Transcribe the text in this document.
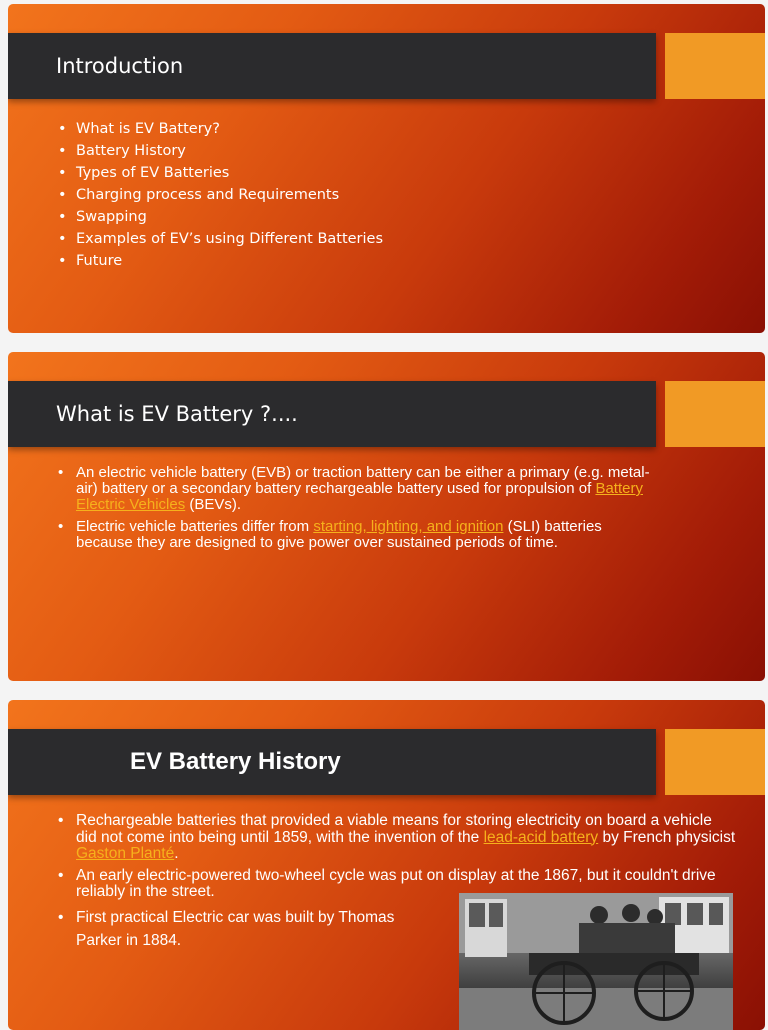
Introduction
• What is EV Battery?
• Battery History
• Types of EV Batteries
• Charging process and Requirements
• Swapping
• Examples of EV’s using Different Batteries
• Future
What is EV Battery ?....
• An electric vehicle battery (EVB) or traction battery can be either a primary (e.g. metal-air) battery or a secondary battery rechargeable battery used for propulsion of Battery Electric Vehicles (BEVs).
• Electric vehicle batteries differ from starting, lighting, and ignition (SLI) batteries because they are designed to give power over sustained periods of time.
EV Battery History
• Rechargeable batteries that provided a viable means for storing electricity on board a vehicle did not come into being until 1859, with the invention of the lead-acid battery by French physicist Gaston Planté.
• An early electric-powered two-wheel cycle was put on display at the 1867, but it couldn't drive reliably in the street.
• First practical Electric car was built by Thomas Parker in 1884.
